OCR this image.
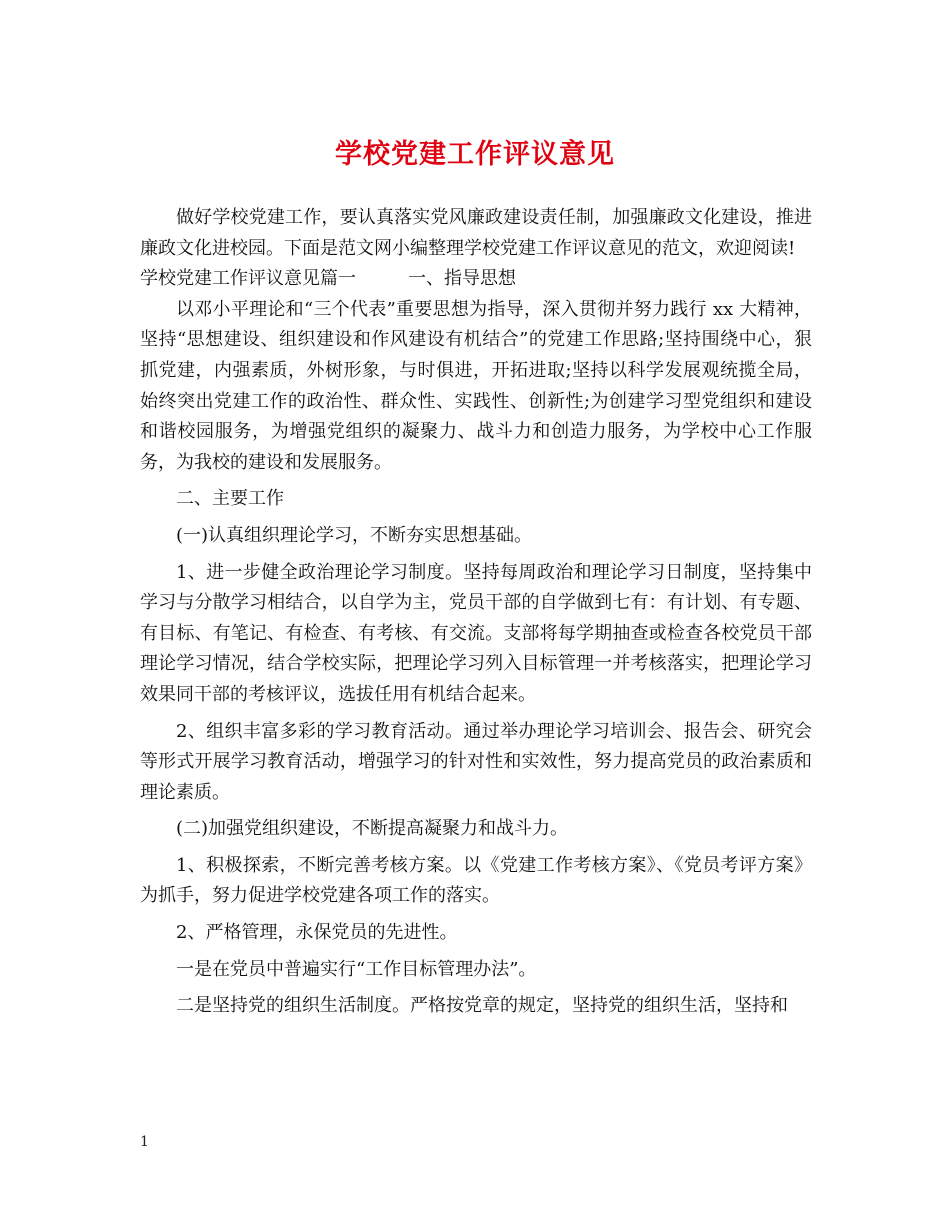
学校党建工作评议意见

做好学校党建工作，要认真落实党风廉政建设责任制，加强廉政文化建设，推进廉政文化进校园。下面是范文网小编整理学校党建工作评议意见的范文，欢迎阅读!

学校党建工作评议意见篇一	一、指导思想

以邓小平理论和“三个代表”重要思想为指导，深入贯彻并努力践行 xx 大精神，坚持“思想建设、组织建设和作风建设有机结合”的党建工作思路;坚持围绕中心，狠抓党建，内强素质，外树形象，与时俱进，开拓进取;坚持以科学发展观统揽全局，始终突出党建工作的政治性、群众性、实践性、创新性;为创建学习型党组织和建设和谐校园服务，为增强党组织的凝聚力、战斗力和创造力服务，为学校中心工作服务，为我校的建设和发展服务。

二、主要工作

(一)认真组织理论学习，不断夯实思想基础。

1、进一步健全政治理论学习制度。坚持每周政治和理论学习日制度，坚持集中学习与分散学习相结合，以自学为主，党员干部的自学做到七有：有计划、有专题、有目标、有笔记、有检查、有考核、有交流。支部将每学期抽查或检查各校党员干部理论学习情况，结合学校实际，把理论学习列入目标管理一并考核落实，把理论学习效果同干部的考核评议，选拔任用有机结合起来。

2、组织丰富多彩的学习教育活动。通过举办理论学习培训会、报告会、研究会等形式开展学习教育活动，增强学习的针对性和实效性，努力提高党员的政治素质和理论素质。

(二)加强党组织建设，不断提高凝聚力和战斗力。

1、积极探索，不断完善考核方案。以《党建工作考核方案》、《党员考评方案》为抓手，努力促进学校党建各项工作的落实。

2、严格管理，永保党员的先进性。

一是在党员中普遍实行“工作目标管理办法”。

二是坚持党的组织生活制度。严格按党章的规定，坚持党的组织生活，坚持和

1
